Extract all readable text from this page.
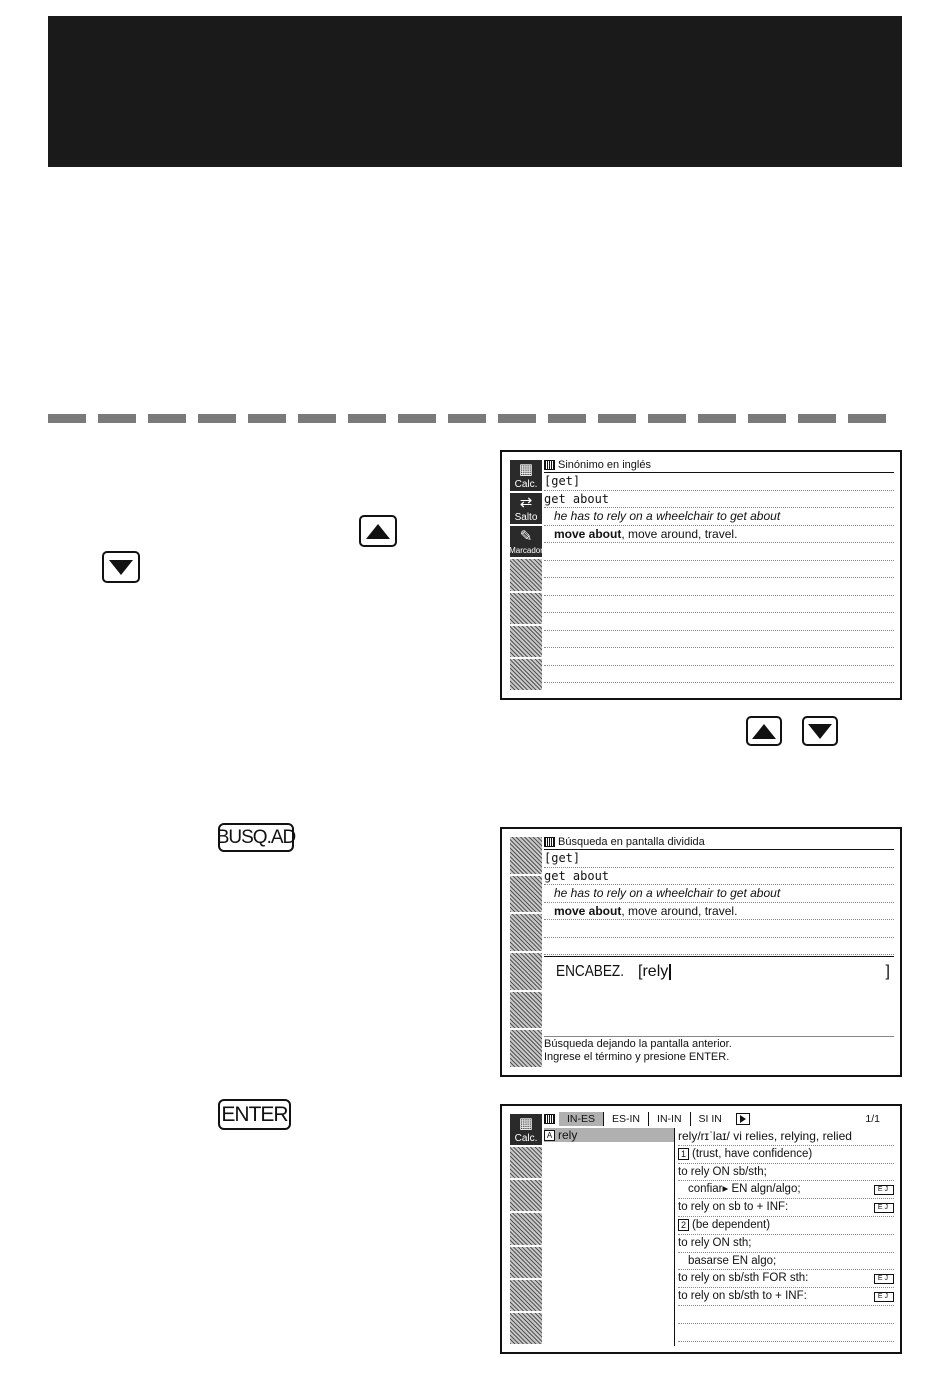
▦
Calc.
⇄
Salto
✎
Marcador
Sinónimo en inglés
[get]
get about
he has to rely on a wheelchair to get about
move about, move around, travel.
BUSQ.AD	Búsqueda en pantalla dividida
[get]
get about
he has to rely on a wheelchair to get about
move about, move around, travel.
ENCABEZ. [rely	]
Búsqueda dejando la pantalla anterior.
Ingrese el término y presione ENTER.
ENTER	▦
Calc.
IN-ES	ES-IN	IN-IN	SI IN	1/1
A rely	rely/rɪˈlaɪ/ vi relies, relying, relied
1 (trust, have confidence)
to rely ON sb/sth;
confiar▸ EN algn/algo;	EJ
to rely on sb to + INF:	EJ
2 (be dependent)
to rely ON sth;
basarse EN algo;
to rely on sb/sth FOR sth:	EJ
to rely on sb/sth to + INF:	EJ
